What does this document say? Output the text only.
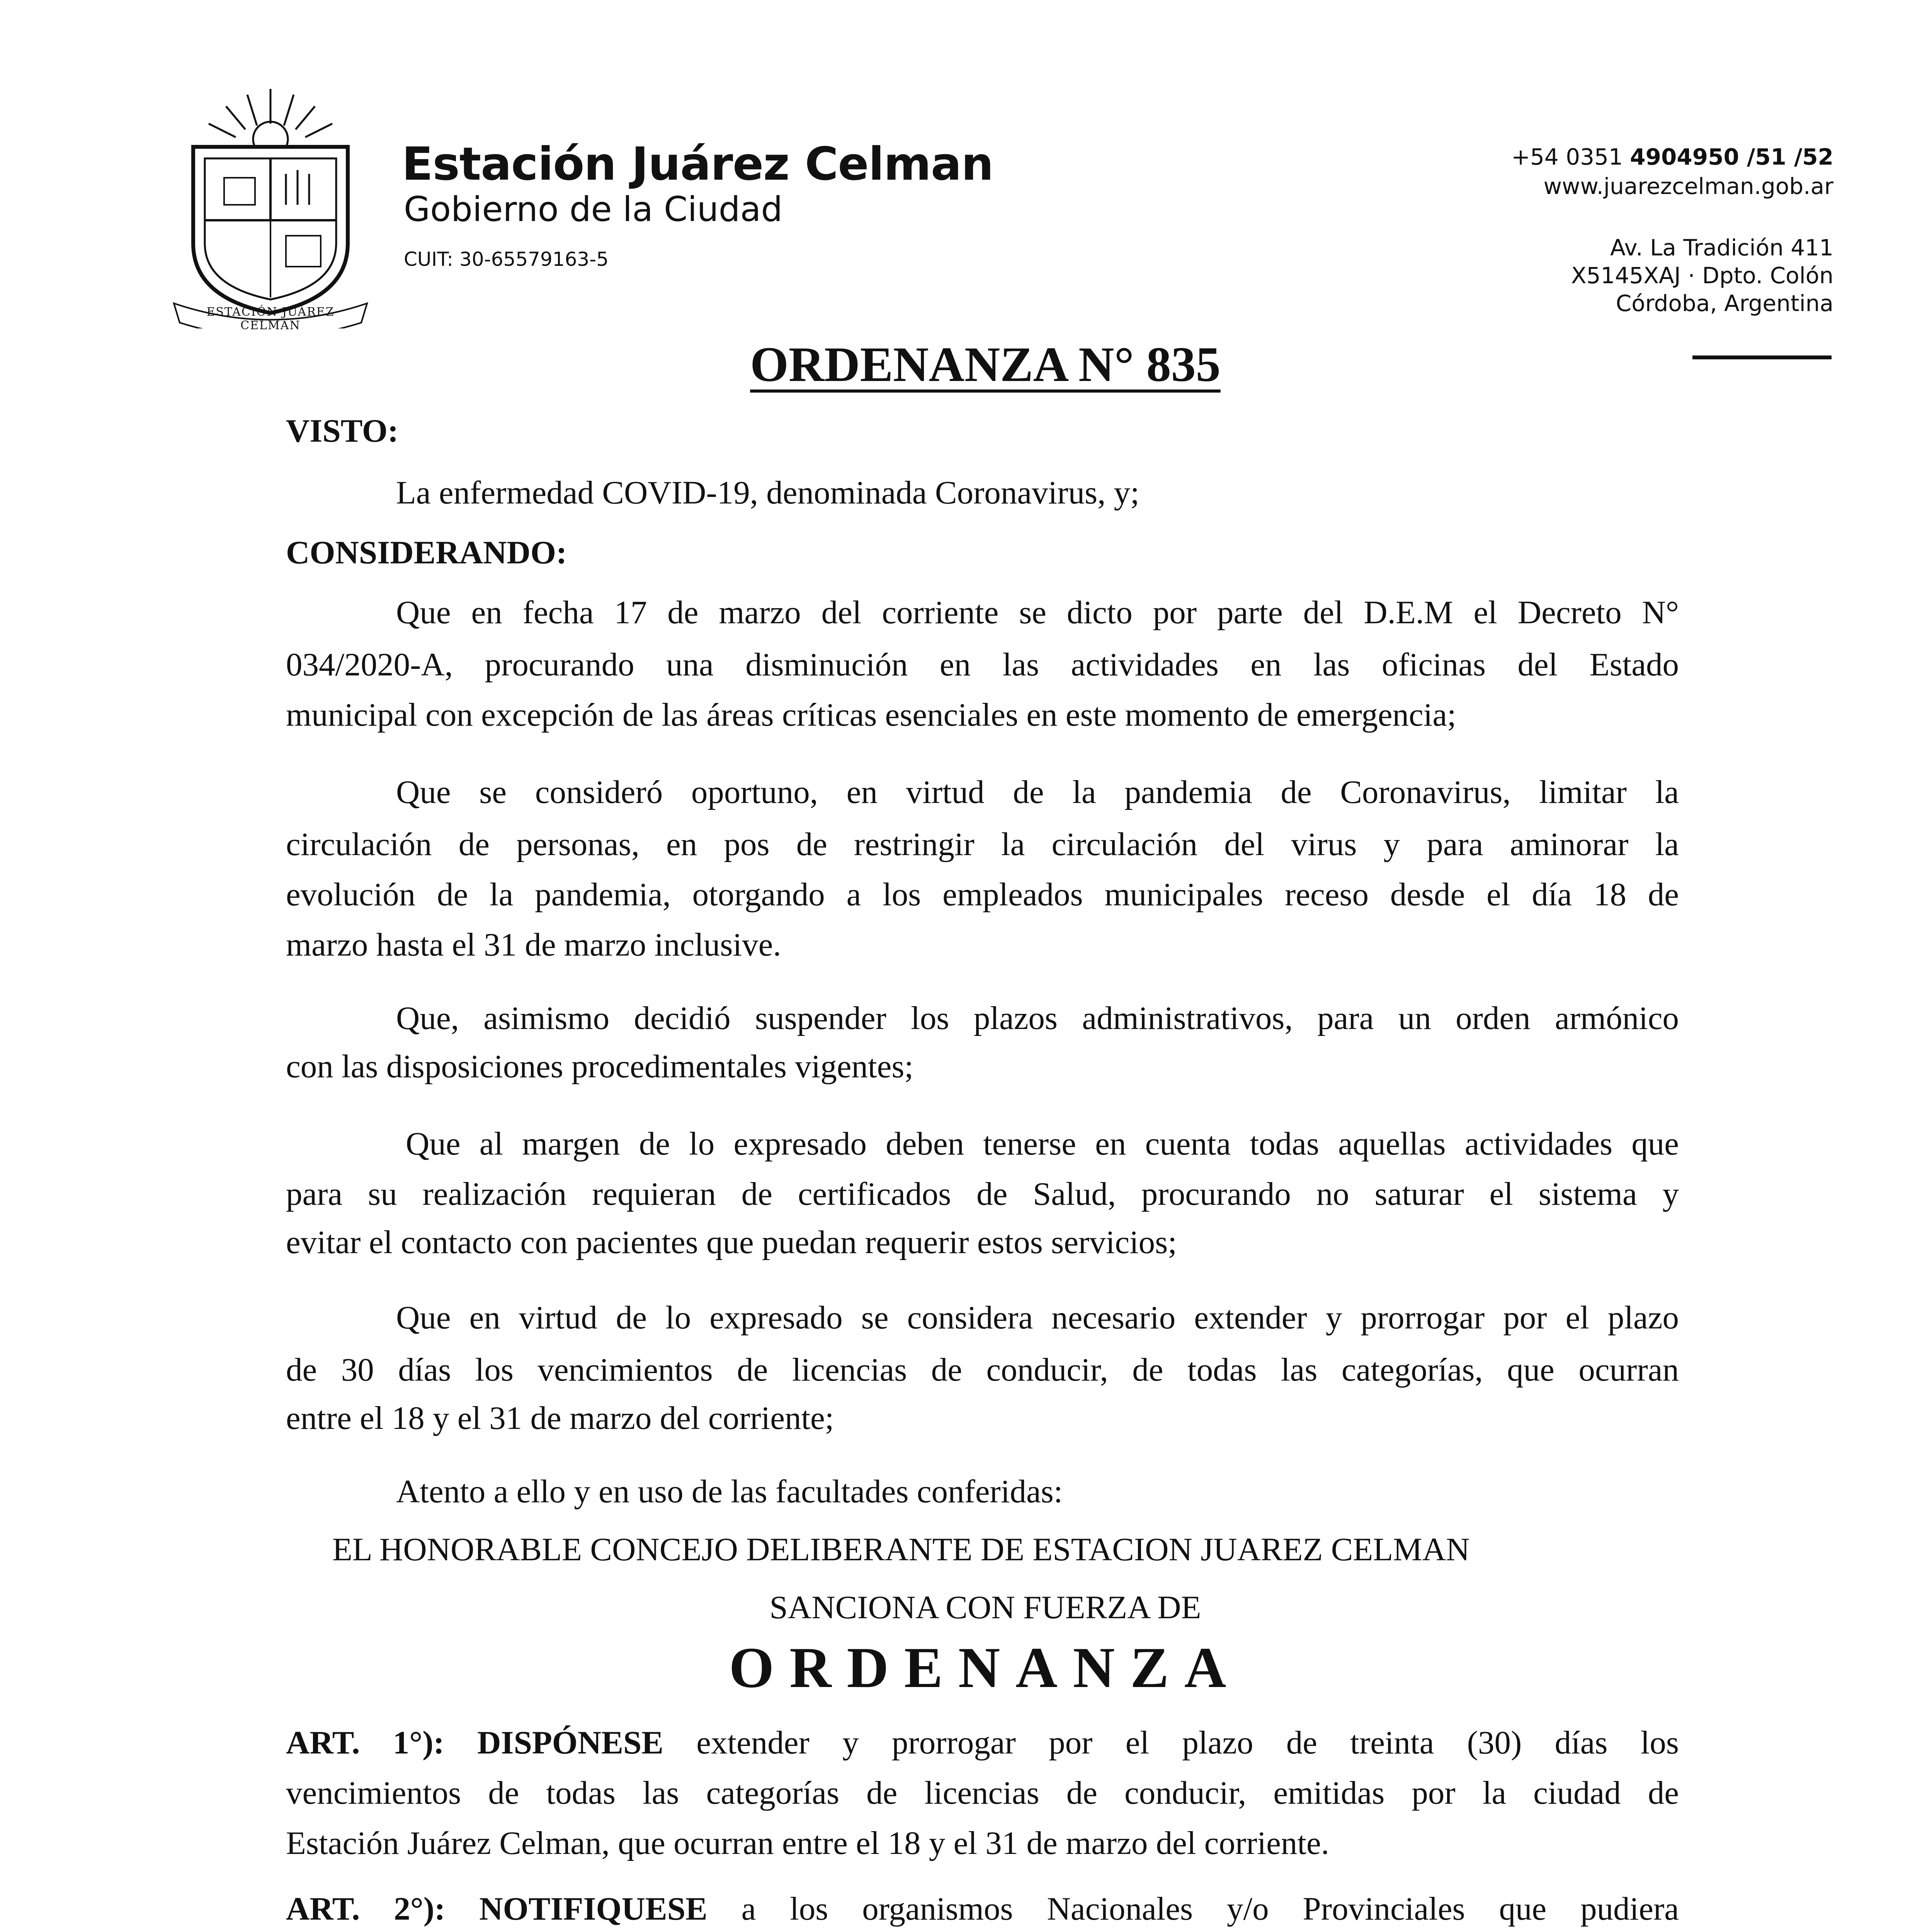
ESTACIÓN JUÁREZ CELMAN
Estación Juárez Celman
Gobierno de la Ciudad
CUIT: 30-65579163-5
+54 0351 4904950 /51 /52
www.juarezcelman.gob.ar
Av. La Tradición 411
X5145XAJ · Dpto. Colón
Córdoba, Argentina
ORDENANZA N° 835
VISTO:
La enfermedad COVID-19, denominada Coronavirus, y;
CONSIDERANDO:
Que en fecha 17 de marzo del corriente se dicto por parte del D.E.M el Decreto N°
034/2020-A, procurando una disminución en las actividades en las oficinas del Estado
municipal con excepción de las áreas críticas esenciales en este momento de emergencia;
Que se consideró oportuno, en virtud de la pandemia de Coronavirus, limitar la
circulación de personas, en pos de restringir la circulación del virus y para aminorar la
evolución de la pandemia, otorgando a los empleados municipales receso desde el día 18 de
marzo hasta el 31 de marzo inclusive.
Que, asimismo decidió suspender los plazos administrativos, para un orden armónico
con las disposiciones procedimentales vigentes;
Que al margen de lo expresado deben tenerse en cuenta todas aquellas actividades que
para su realización requieran de certificados de Salud, procurando no saturar el sistema y
evitar el contacto con pacientes que puedan requerir estos servicios;
Que en virtud de lo expresado se considera necesario extender y prorrogar por el plazo
de 30 días los vencimientos de licencias de conducir, de todas las categorías, que ocurran
entre el 18 y el 31 de marzo del corriente;
Atento a ello y en uso de las facultades conferidas:
EL HONORABLE CONCEJO DELIBERANTE DE ESTACION JUAREZ CELMAN
SANCIONA CON FUERZA DE
ORDENANZA
ART. 1°): DISPÓNESE extender y prorrogar por el plazo de treinta (30) días los
vencimientos de todas las categorías de licencias de conducir, emitidas por la ciudad de
Estación Juárez Celman, que ocurran entre el 18 y el 31 de marzo del corriente.
ART. 2°): NOTIFIQUESE a los organismos Nacionales y/o Provinciales que pudiera
